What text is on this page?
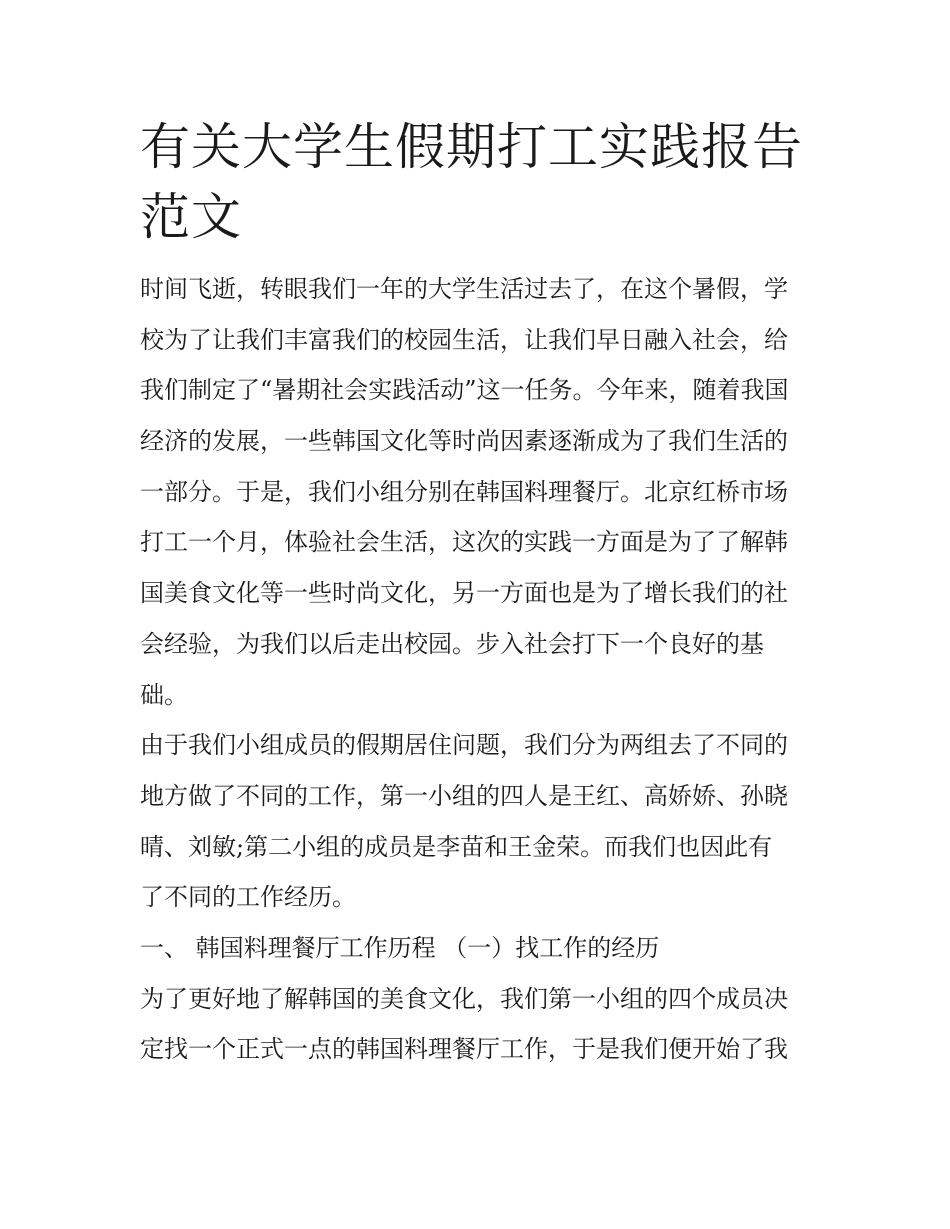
有关大学生假期打工实践报告
范文

时间飞逝，转眼我们一年的大学生活过去了，在这个暑假，学
校为了让我们丰富我们的校园生活，让我们早日融入社会，给
我们制定了“暑期社会实践活动”这一任务。今年来，随着我国
经济的发展，一些韩国文化等时尚因素逐渐成为了我们生活的
一部分。于是，我们小组分别在韩国料理餐厅。北京红桥市场
打工一个月，体验社会生活，这次的实践一方面是为了了解韩
国美食文化等一些时尚文化，另一方面也是为了增长我们的社
会经验，为我们以后走出校园。步入社会打下一个良好的基
础。

由于我们小组成员的假期居住问题，我们分为两组去了不同的
地方做了不同的工作，第一小组的四人是王红、高娇娇、孙晓
晴、刘敏;第二小组的成员是李苗和王金荣。而我们也因此有
了不同的工作经历。

一、 韩国料理餐厅工作历程 （一）找工作的经历

为了更好地了解韩国的美食文化，我们第一小组的四个成员决
定找一个正式一点的韩国料理餐厅工作，于是我们便开始了我
